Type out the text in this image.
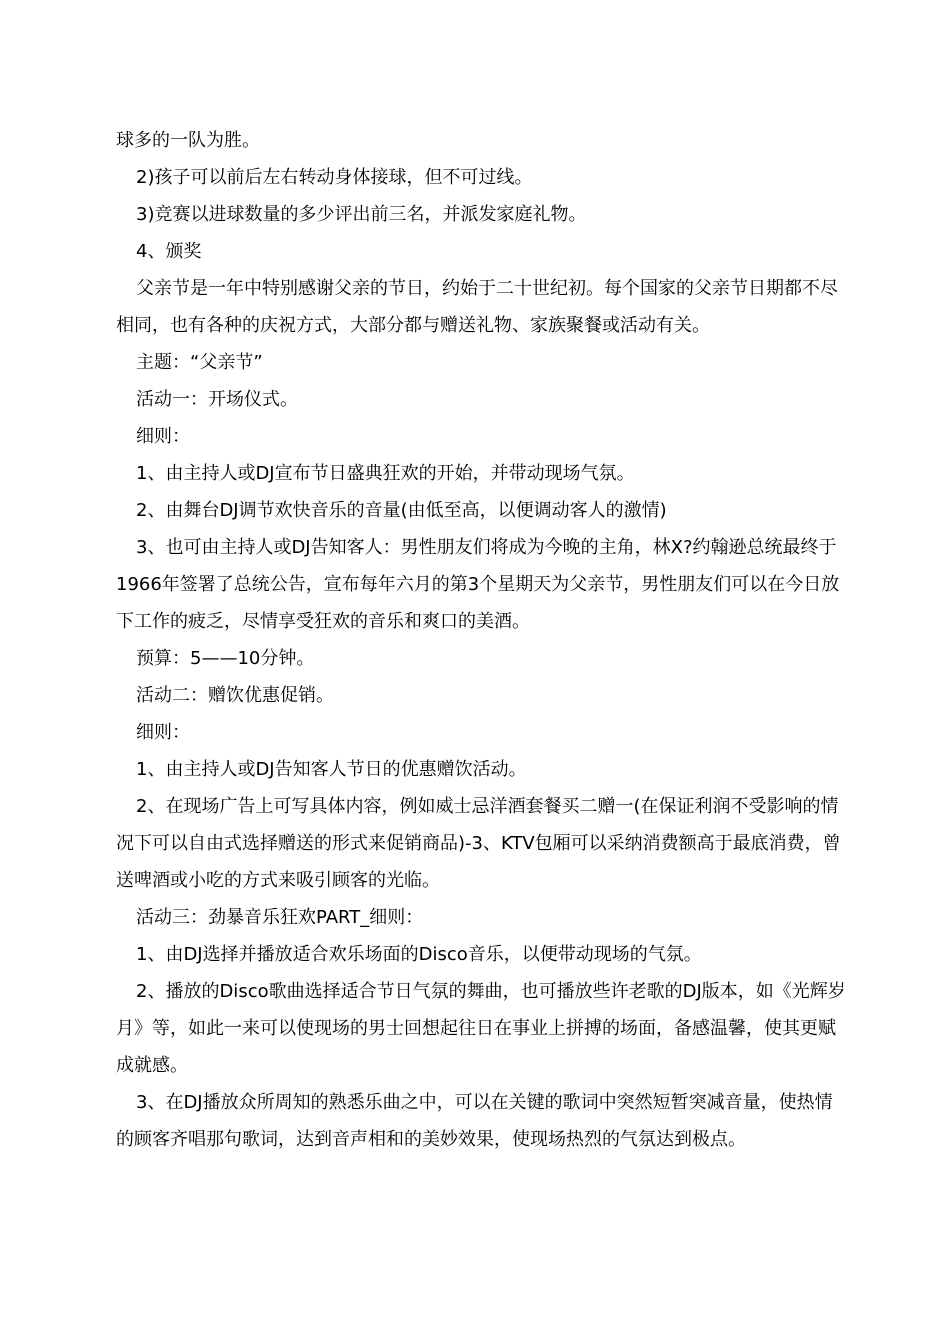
球多的一队为胜。

2)孩子可以前后左右转动身体接球，但不可过线。

3)竞赛以进球数量的多少评出前三名，并派发家庭礼物。

4、颁奖

父亲节是一年中特别感谢父亲的节日，约始于二十世纪初。每个国家的父亲节日期都不尽相同，也有各种的庆祝方式，大部分都与赠送礼物、家族聚餐或活动有关。

主题：“父亲节”

活动一：开场仪式。

细则：

1、由主持人或DJ宣布节日盛典狂欢的开始，并带动现场气氛。

2、由舞台DJ调节欢快音乐的音量(由低至高，以便调动客人的激情)

3、也可由主持人或DJ告知客人：男性朋友们将成为今晚的主角，林X?约翰逊总统最终于1966年签署了总统公告，宣布每年六月的第3个星期天为父亲节，男性朋友们可以在今日放下工作的疲乏，尽情享受狂欢的音乐和爽口的美酒。

预算：5——10分钟。

活动二：赠饮优惠促销。

细则：

1、由主持人或DJ告知客人节日的优惠赠饮活动。

2、在现场广告上可写具体内容，例如威士忌洋酒套餐买二赠一(在保证利润不受影响的情况下可以自由式选择赠送的形式来促销商品)-3、KTV包厢可以采纳消费额高于最底消费，曾送啤酒或小吃的方式来吸引顾客的光临。

活动三：劲暴音乐狂欢PART_细则：

1、由DJ选择并播放适合欢乐场面的Disco音乐，以便带动现场的气氛。

2、播放的Disco歌曲选择适合节日气氛的舞曲，也可播放些许老歌的DJ版本，如《光辉岁月》等，如此一来可以使现场的男士回想起往日在事业上拼搏的场面，备感温馨，使其更赋成就感。

3、在DJ播放众所周知的熟悉乐曲之中，可以在关键的歌词中突然短暂突减音量，使热情的顾客齐唱那句歌词，达到音声相和的美妙效果，使现场热烈的气氛达到极点。
